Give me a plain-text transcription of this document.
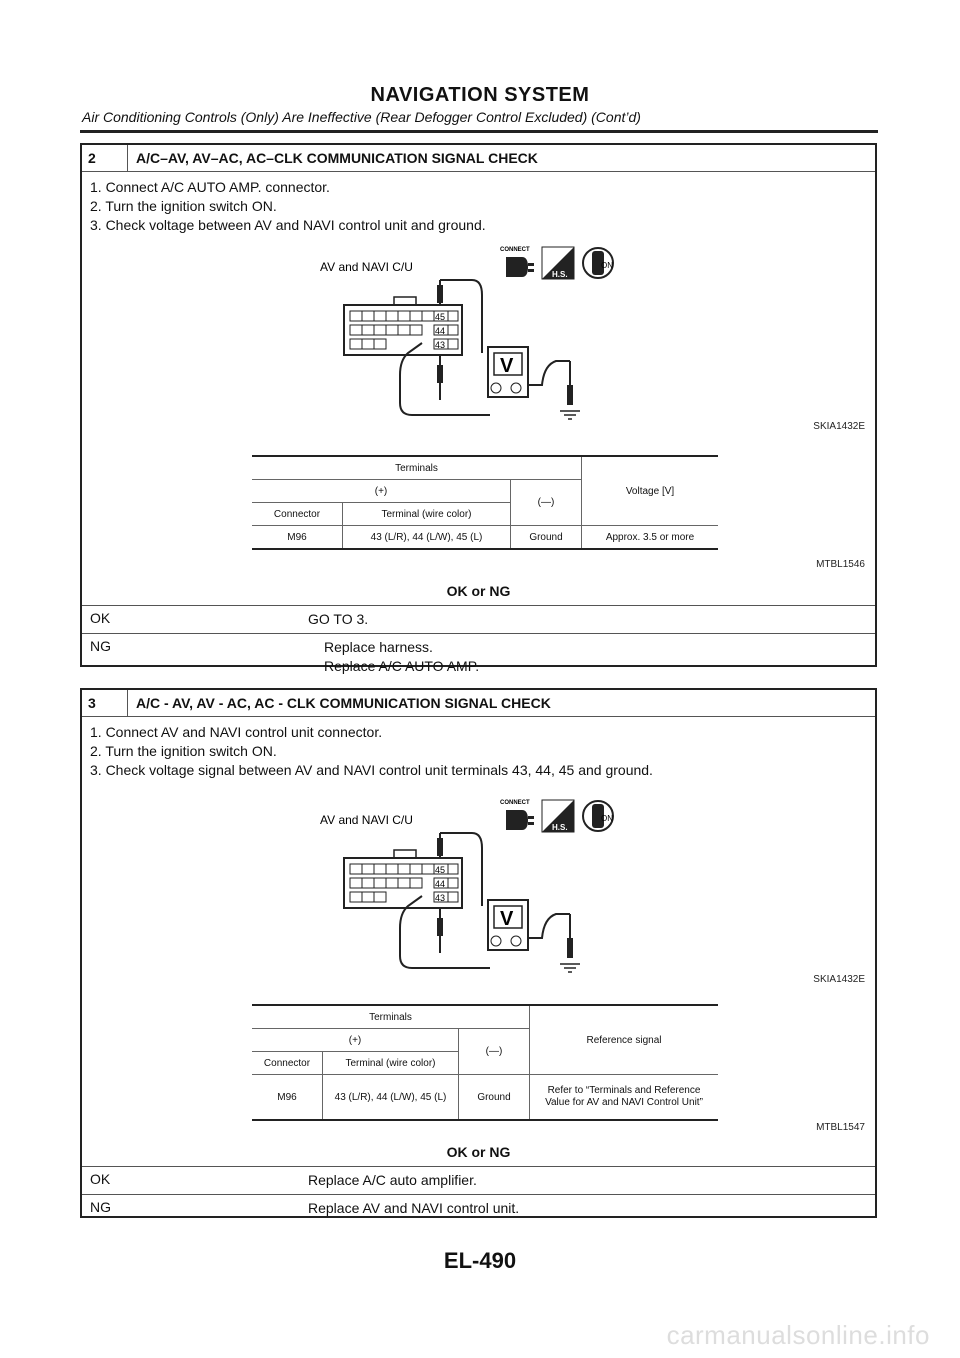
NAVIGATION SYSTEM
Air Conditioning Controls (Only) Are Ineffective (Rear Defogger Control Excluded) (Cont’d)
2	A/C–AV, AV–AC, AC–CLK COMMUNICATION SIGNAL CHECK
1. Connect A/C AUTO AMP. connector.
2. Turn the ignition switch ON.
3. Check voltage between AV and NAVI control unit and ground.
AV and NAVI C/U
45
44
43
V
CONNECT
H.S.
ON
SKIA1432E
Terminals			Voltage [V]
(+)		(—)	
Connector	Terminal (wire color)		
M96	43 (L/R), 44 (L/W), 45 (L)	Ground	Approx. 3.5 or more
MTBL1546
OK or NG
OK	GO TO 3.
NG	Replace harness.
Replace A/C AUTO AMP.
3	A/C - AV, AV - AC, AC - CLK COMMUNICATION SIGNAL CHECK
1. Connect AV and NAVI control unit connector.
2. Turn the ignition switch ON.
3. Check voltage signal between AV and NAVI control unit terminals 43, 44, 45 and ground.
AV and NAVI C/U
45
44
43
V
CONNECT
H.S.
ON
SKIA1432E
Terminals			Reference signal
(+)		(—)	
Connector	Terminal (wire color)		
M96	43 (L/R), 44 (L/W), 45 (L)	Ground	Refer to “Terminals and Reference Value for AV and NAVI Control Unit”
MTBL1547
OK or NG
OK	Replace A/C auto amplifier.
NG	Replace AV and NAVI control unit.
EL-490
carmanualsonline.info
